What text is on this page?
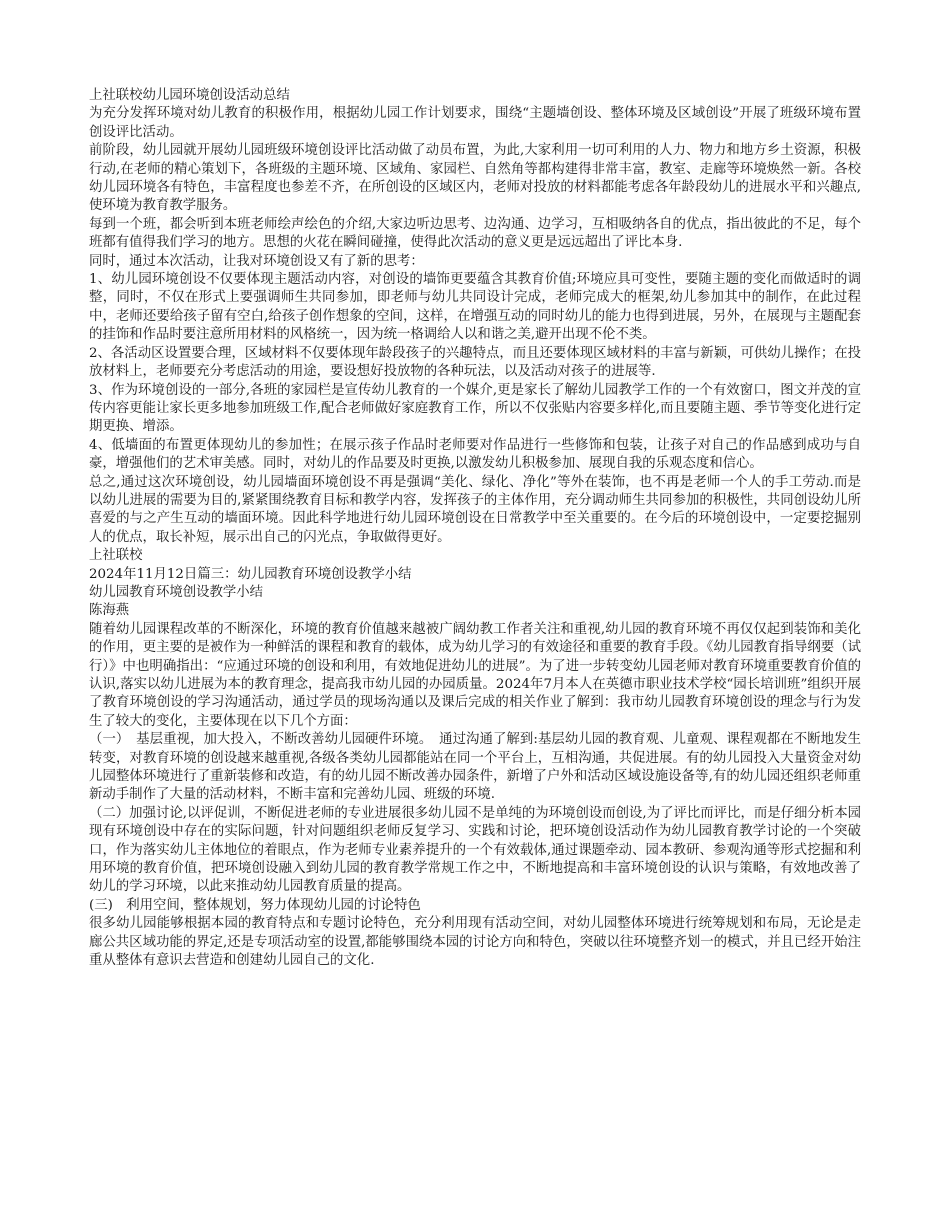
上社联校幼儿园环境创设活动总结

为充分发挥环境对幼儿教育的积极作用，根据幼儿园工作计划要求，围绕“主题墙创设、整体环境及区域创设”开展了班级环境布置创设评比活动。

前阶段，幼儿园就开展幼儿园班级环境创设评比活动做了动员布置，为此,大家利用一切可利用的人力、物力和地方乡土资源，积极行动,在老师的精心策划下，各班级的主题环境、区域角、家园栏、自然角等都构建得非常丰富，教室、走廊等环境焕然一新。各校幼儿园环境各有特色，丰富程度也参差不齐，在所创设的区域区内，老师对投放的材料都能考虑各年龄段幼儿的进展水平和兴趣点,使环境为教育教学服务。

每到一个班，都会听到本班老师绘声绘色的介绍,大家边听边思考、边沟通、边学习，互相吸纳各自的优点，指出彼此的不足，每个班都有值得我们学习的地方。思想的火花在瞬间碰撞，使得此次活动的意义更是远远超出了评比本身.

同时，通过本次活动，让我对环境创设又有了新的思考：

1、幼儿园环境创设不仅要体现主题活动内容，对创设的墙饰更要蕴含其教育价值;环境应具可变性，要随主题的变化而做适时的调整，同时，不仅在形式上要强调师生共同参加，即老师与幼儿共同设计完成，老师完成大的框架,幼儿参加其中的制作，在此过程中，老师还要给孩子留有空白,给孩子创作想象的空间，这样，在增强互动的同时幼儿的能力也得到进展，另外，在展现与主题配套的挂饰和作品时要注意所用材料的风格统一，因为统一格调给人以和谐之美,避开出现不伦不类。

2、各活动区设置要合理，区域材料不仅要体现年龄段孩子的兴趣特点，而且还要体现区域材料的丰富与新颖，可供幼儿操作；在投放材料上，老师要充分考虑活动的用途，要设想好投放物的各种玩法，以及活动对孩子的进展等.

3、作为环境创设的一部分,各班的家园栏是宣传幼儿教育的一个媒介,更是家长了解幼儿园教学工作的一个有效窗口，图文并茂的宣传内容更能让家长更多地参加班级工作,配合老师做好家庭教育工作，所以不仅张贴内容要多样化,而且要随主题、季节等变化进行定期更换、增添。

4、低墙面的布置更体现幼儿的参加性；在展示孩子作品时老师要对作品进行一些修饰和包装，让孩子对自己的作品感到成功与自豪，增强他们的艺术审美感。同时，对幼儿的作品要及时更换,以激发幼儿积极参加、展现自我的乐观态度和信心。

总之,通过这次环境创设，幼儿园墙面环境创设不再是强调“美化、绿化、净化”等外在装饰，也不再是老师一个人的手工劳动.而是以幼儿进展的需要为目的,紧紧围绕教育目标和教学内容，发挥孩子的主体作用，充分调动师生共同参加的积极性，共同创设幼儿所喜爱的与之产生互动的墙面环境。因此科学地进行幼儿园环境创设在日常教学中至关重要的。在今后的环境创设中，一定要挖掘别人的优点，取长补短，展示出自己的闪光点，争取做得更好。

上社联校

2024年11月12日篇三：幼儿园教育环境创设教学小结

幼儿园教育环境创设教学小结

陈海燕

随着幼儿园课程改革的不断深化，环境的教育价值越来越被广阔幼教工作者关注和重视,幼儿园的教育环境不再仅仅起到装饰和美化的作用，更主要的是被作为一种鲜活的课程和教育的载体，成为幼儿学习的有效途径和重要的教育手段。《幼儿园教育指导纲要（试行）》中也明确指出：“应通过环境的创设和利用，有效地促进幼儿的进展”。为了进一步转变幼儿园老师对教育环境重要教育价值的认识,落实以幼儿进展为本的教育理念，提高我市幼儿园的办园质量。2024年7月本人在英德市职业技术学校“园长培训班”组织开展了教育环境创设的学习沟通活动，通过学员的现场沟通以及课后完成的相关作业了解到：我市幼儿园教育环境创设的理念与行为发生了较大的变化，主要体现在以下几个方面：

（一）　基层重视，加大投入，不断改善幼儿园硬件环境。　通过沟通了解到:基层幼儿园的教育观、儿童观、课程观都在不断地发生转变，对教育环境的创设越来越重视,各级各类幼儿园都能站在同一个平台上，互相沟通，共促进展。有的幼儿园投入大量资金对幼儿园整体环境进行了重新装修和改造，有的幼儿园不断改善办园条件，新增了户外和活动区域设施设备等,有的幼儿园还组织老师重新动手制作了大量的活动材料，不断丰富和完善幼儿园、班级的环境.

（二）加强讨论,以评促训，不断促进老师的专业进展很多幼儿园不是单纯的为环境创设而创设,为了评比而评比，而是仔细分析本园现有环境创设中存在的实际问题，针对问题组织老师反复学习、实践和讨论，把环境创设活动作为幼儿园教育教学讨论的一个突破口，作为落实幼儿主体地位的着眼点，作为老师专业素养提升的一个有效载体,通过课题牵动、园本教研、参观沟通等形式挖掘和利用环境的教育价值，把环境创设融入到幼儿园的教育教学常规工作之中，不断地提高和丰富环境创设的认识与策略，有效地改善了幼儿的学习环境，以此来推动幼儿园教育质量的提高。

(三)　利用空间，整体规划，努力体现幼儿园的讨论特色

很多幼儿园能够根据本园的教育特点和专题讨论特色，充分利用现有活动空间，对幼儿园整体环境进行统筹规划和布局，无论是走廊公共区域功能的界定,还是专项活动室的设置,都能够围绕本园的讨论方向和特色，突破以往环境整齐划一的模式，并且已经开始注重从整体有意识去营造和创建幼儿园自己的文化.
